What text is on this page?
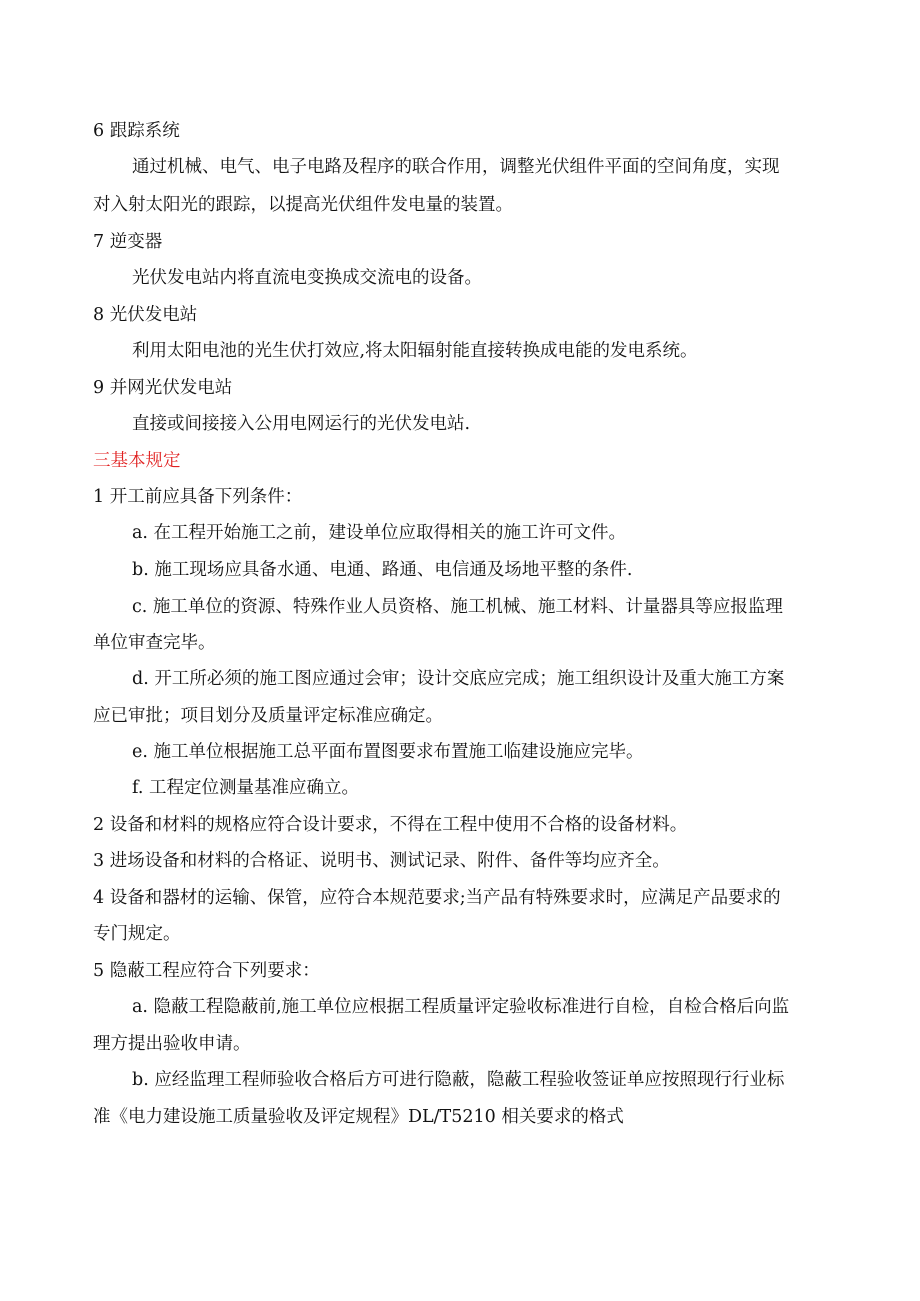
6 跟踪系统
通过机械、电气、电子电路及程序的联合作用，调整光伏组件平面的空间角度，实现
对入射太阳光的跟踪，以提高光伏组件发电量的装置。
7 逆变器
光伏发电站内将直流电变换成交流电的设备。
8 光伏发电站
利用太阳电池的光生伏打效应,将太阳辐射能直接转换成电能的发电系统。
9 并网光伏发电站
直接或间接接入公用电网运行的光伏发电站.
三基本规定
1 开工前应具备下列条件：
a. 在工程开始施工之前，建设单位应取得相关的施工许可文件。
b. 施工现场应具备水通、电通、路通、电信通及场地平整的条件.
c. 施工单位的资源、特殊作业人员资格、施工机械、施工材料、计量器具等应报监理
单位审查完毕。
d. 开工所必须的施工图应通过会审；设计交底应完成；施工组织设计及重大施工方案
应已审批；项目划分及质量评定标准应确定。
e. 施工单位根据施工总平面布置图要求布置施工临建设施应完毕。
f. 工程定位测量基准应确立。
2 设备和材料的规格应符合设计要求，不得在工程中使用不合格的设备材料。
3 进场设备和材料的合格证、说明书、测试记录、附件、备件等均应齐全。
4 设备和器材的运输、保管，应符合本规范要求;当产品有特殊要求时，应满足产品要求的
专门规定。
5 隐蔽工程应符合下列要求：
a. 隐蔽工程隐蔽前,施工单位应根据工程质量评定验收标准进行自检，自检合格后向监
理方提出验收申请。
b. 应经监理工程师验收合格后方可进行隐蔽，隐蔽工程验收签证单应按照现行行业标
准《电力建设施工质量验收及评定规程》DL/T5210 相关要求的格式
